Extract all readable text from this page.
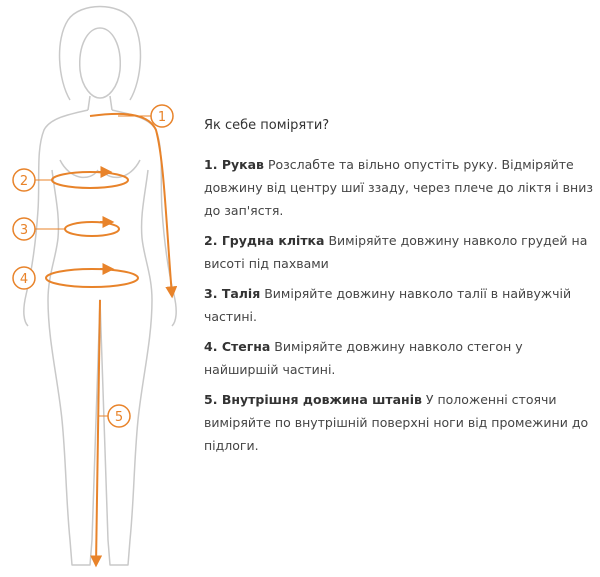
1
2
3
4
5
Як себе поміряти?

1. Рукав Розслабте та вільно опустіть руку. Відміряйте довжину від центру шиї ззаду, через плече до ліктя і вниз до зап'ястя.

2. Грудна клітка Виміряйте довжину навколо грудей на висоті під пахвами

3. Талія Виміряйте довжину навколо талії в найвужчій частині.

4. Стегна Виміряйте довжину навколо стегон у найширшій частині.

5. Внутрішня довжина штанів У положенні стоячи виміряйте по внутрішній поверхні ноги від промежини до підлоги.
